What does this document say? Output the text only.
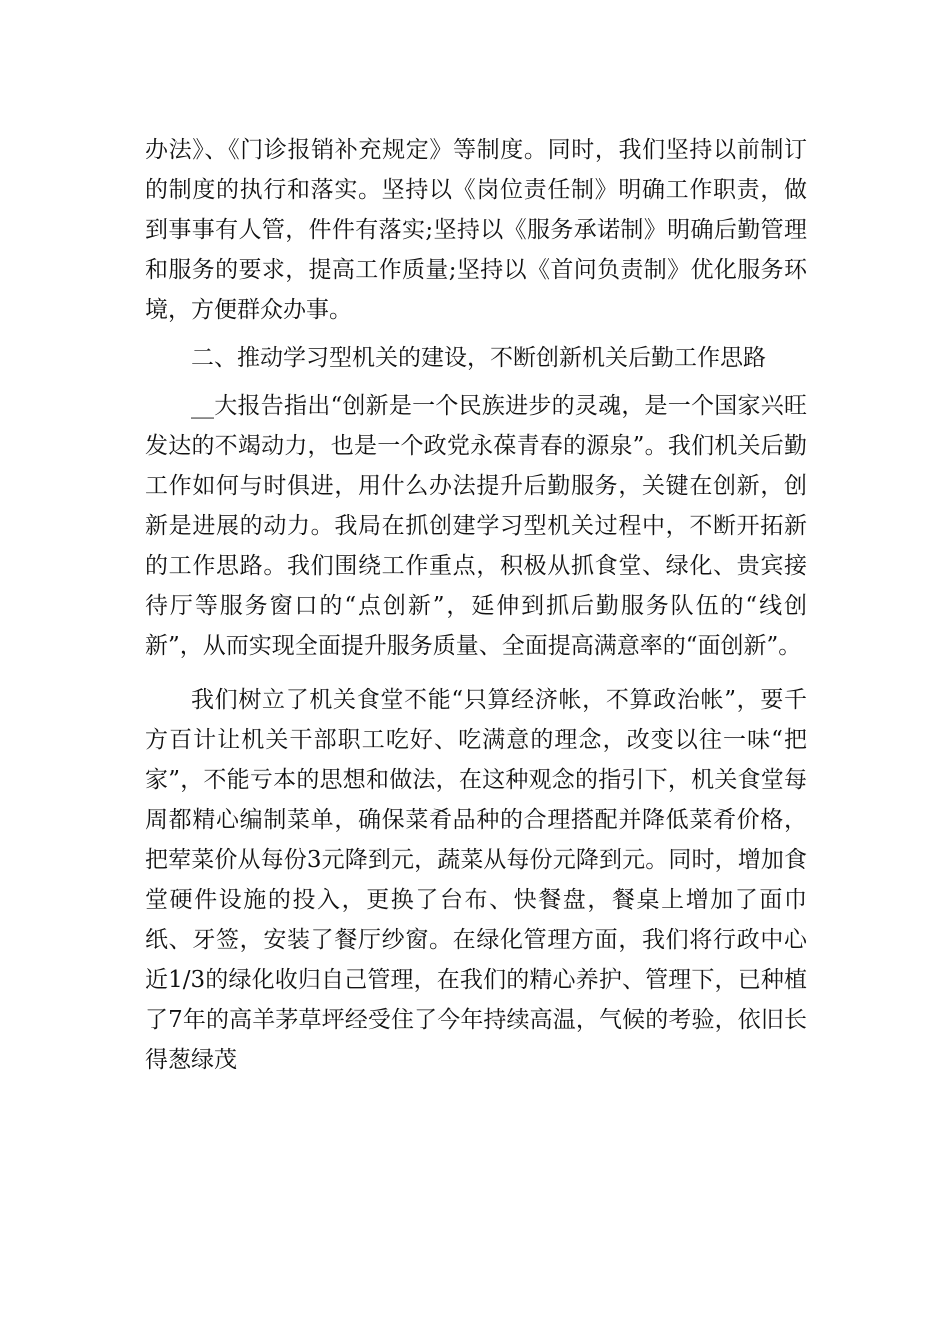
办法》、《门诊报销补充规定》等制度。同时，我们坚持以前制订的制度的执行和落实。坚持以《岗位责任制》明确工作职责，做到事事有人管，件件有落实;坚持以《服务承诺制》明确后勤管理和服务的要求，提高工作质量;坚持以《首问负责制》优化服务环境，方便群众办事。

二、推动学习型机关的建设，不断创新机关后勤工作思路

__大报告指出“创新是一个民族进步的灵魂，是一个国家兴旺发达的不竭动力，也是一个政党永葆青春的源泉”。我们机关后勤工作如何与时俱进，用什么办法提升后勤服务，关键在创新，创新是进展的动力。我局在抓创建学习型机关过程中，不断开拓新的工作思路。我们围绕工作重点，积极从抓食堂、绿化、贵宾接待厅等服务窗口的“点创新”，延伸到抓后勤服务队伍的“线创新”，从而实现全面提升服务质量、全面提高满意率的“面创新”。

我们树立了机关食堂不能“只算经济帐，不算政治帐”，要千方百计让机关干部职工吃好、吃满意的理念，改变以往一味“把家”，不能亏本的思想和做法，在这种观念的指引下，机关食堂每周都精心编制菜单，确保菜肴品种的合理搭配并降低菜肴价格，把荤菜价从每份3元降到元，蔬菜从每份元降到元。同时，增加食堂硬件设施的投入，更换了台布、快餐盘，餐桌上增加了面巾纸、牙签，安装了餐厅纱窗。在绿化管理方面，我们将行政中心近1/3的绿化收归自己管理，在我们的精心养护、管理下，已种植了7年的高羊茅草坪经受住了今年持续高温，气候的考验，依旧长得葱绿茂
